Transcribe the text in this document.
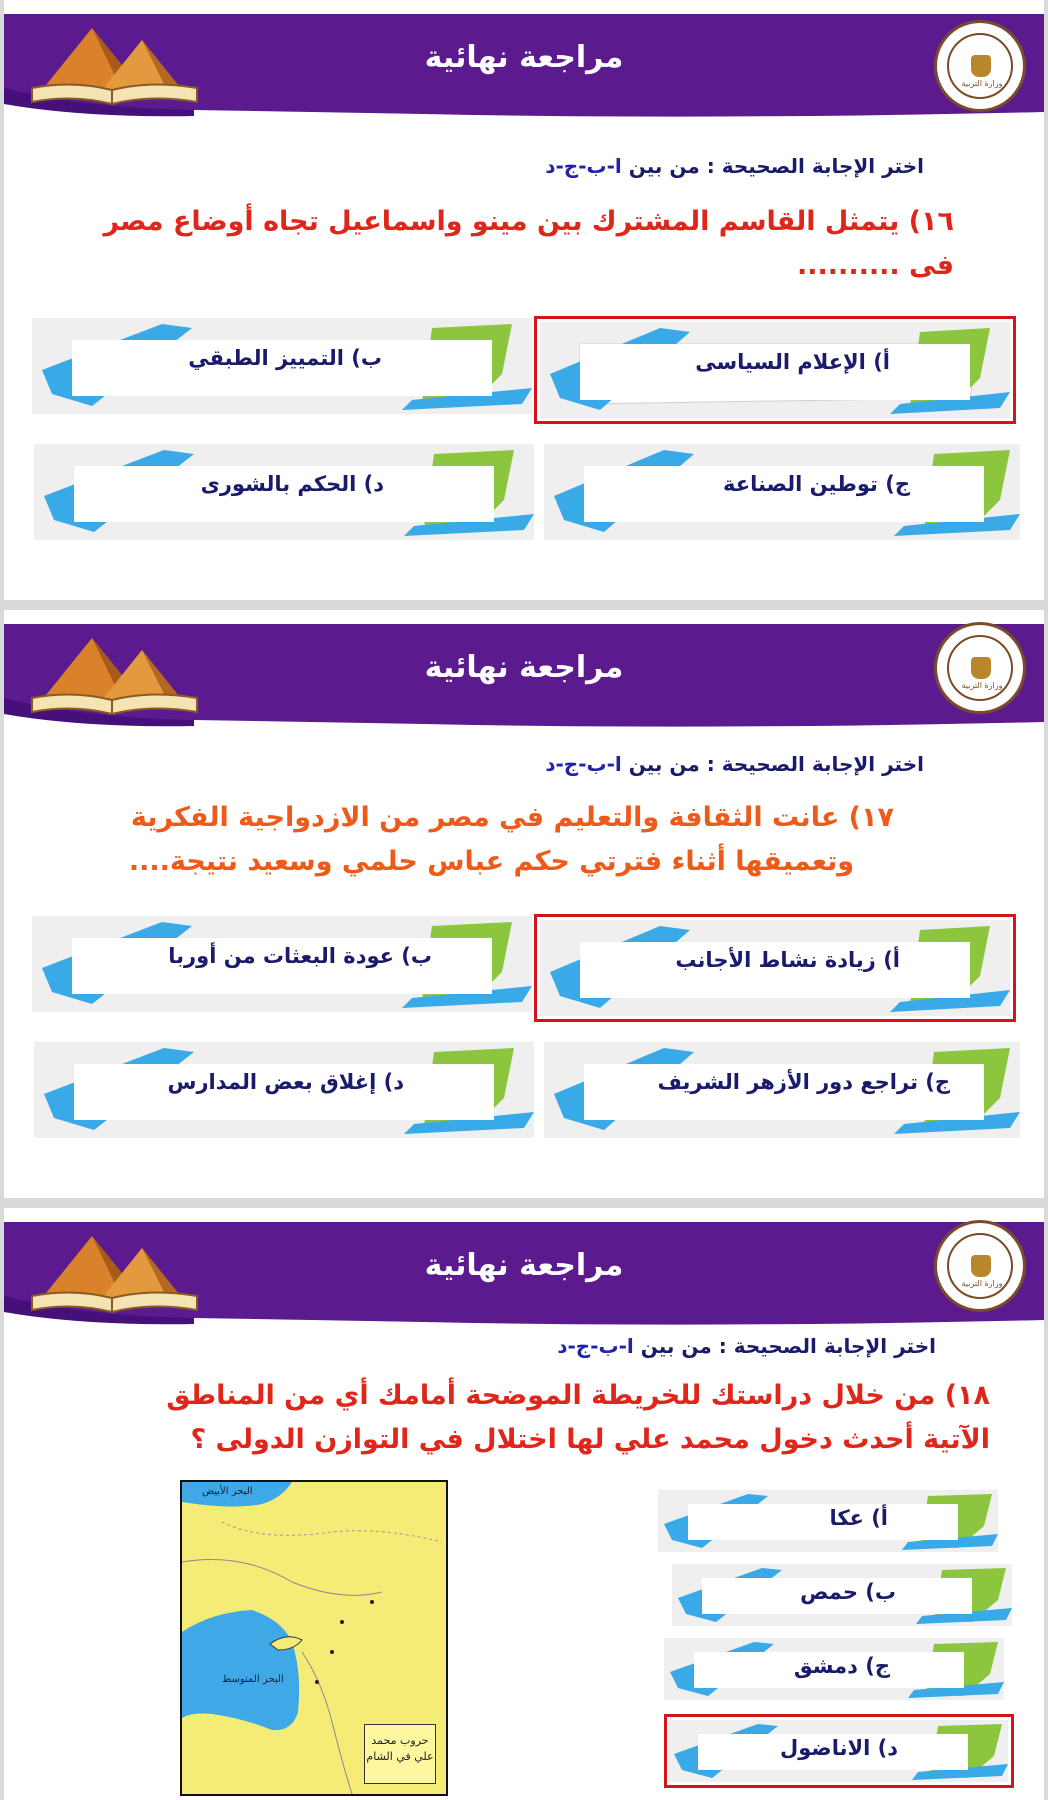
مراجعة نهائية
وزارة التربية
اختر الإجابة الصحيحة : من بين ا-ب-ج-د
١٦) يتمثل القاسم المشترك بين مينو واسماعيل تجاه أوضاع مصر
فى ..........
أ) الإعلام السياسى
ب) التمييز الطبقي
ج) توطين الصناعة
د) الحكم بالشورى
مراجعة نهائية
وزارة التربية
اختر الإجابة الصحيحة : من بين ا-ب-ج-د
١٧) عانت الثقافة والتعليم في مصر من الازدواجية الفكرية
وتعميقها أثناء فترتي حكم عباس حلمي وسعيد نتيجة....
أ) زيادة نشاط الأجانب
ب) عودة البعثات من أوربا
ج) تراجع دور الأزهر الشريف
د) إغلاق بعض المدارس
مراجعة نهائية
وزارة التربية
اختر الإجابة الصحيحة : من بين ا-ب-ج-د
١٨) من خلال دراستك للخريطة الموضحة أمامك أي من المناطق
الآتية أحدث دخول محمد علي لها اختلال في التوازن الدولى ؟
البحر المتوسط
البحر الأبيض
حروب محمد علي في الشام
أ) عكا
ب) حمص
ج) دمشق
د) الاناضول
